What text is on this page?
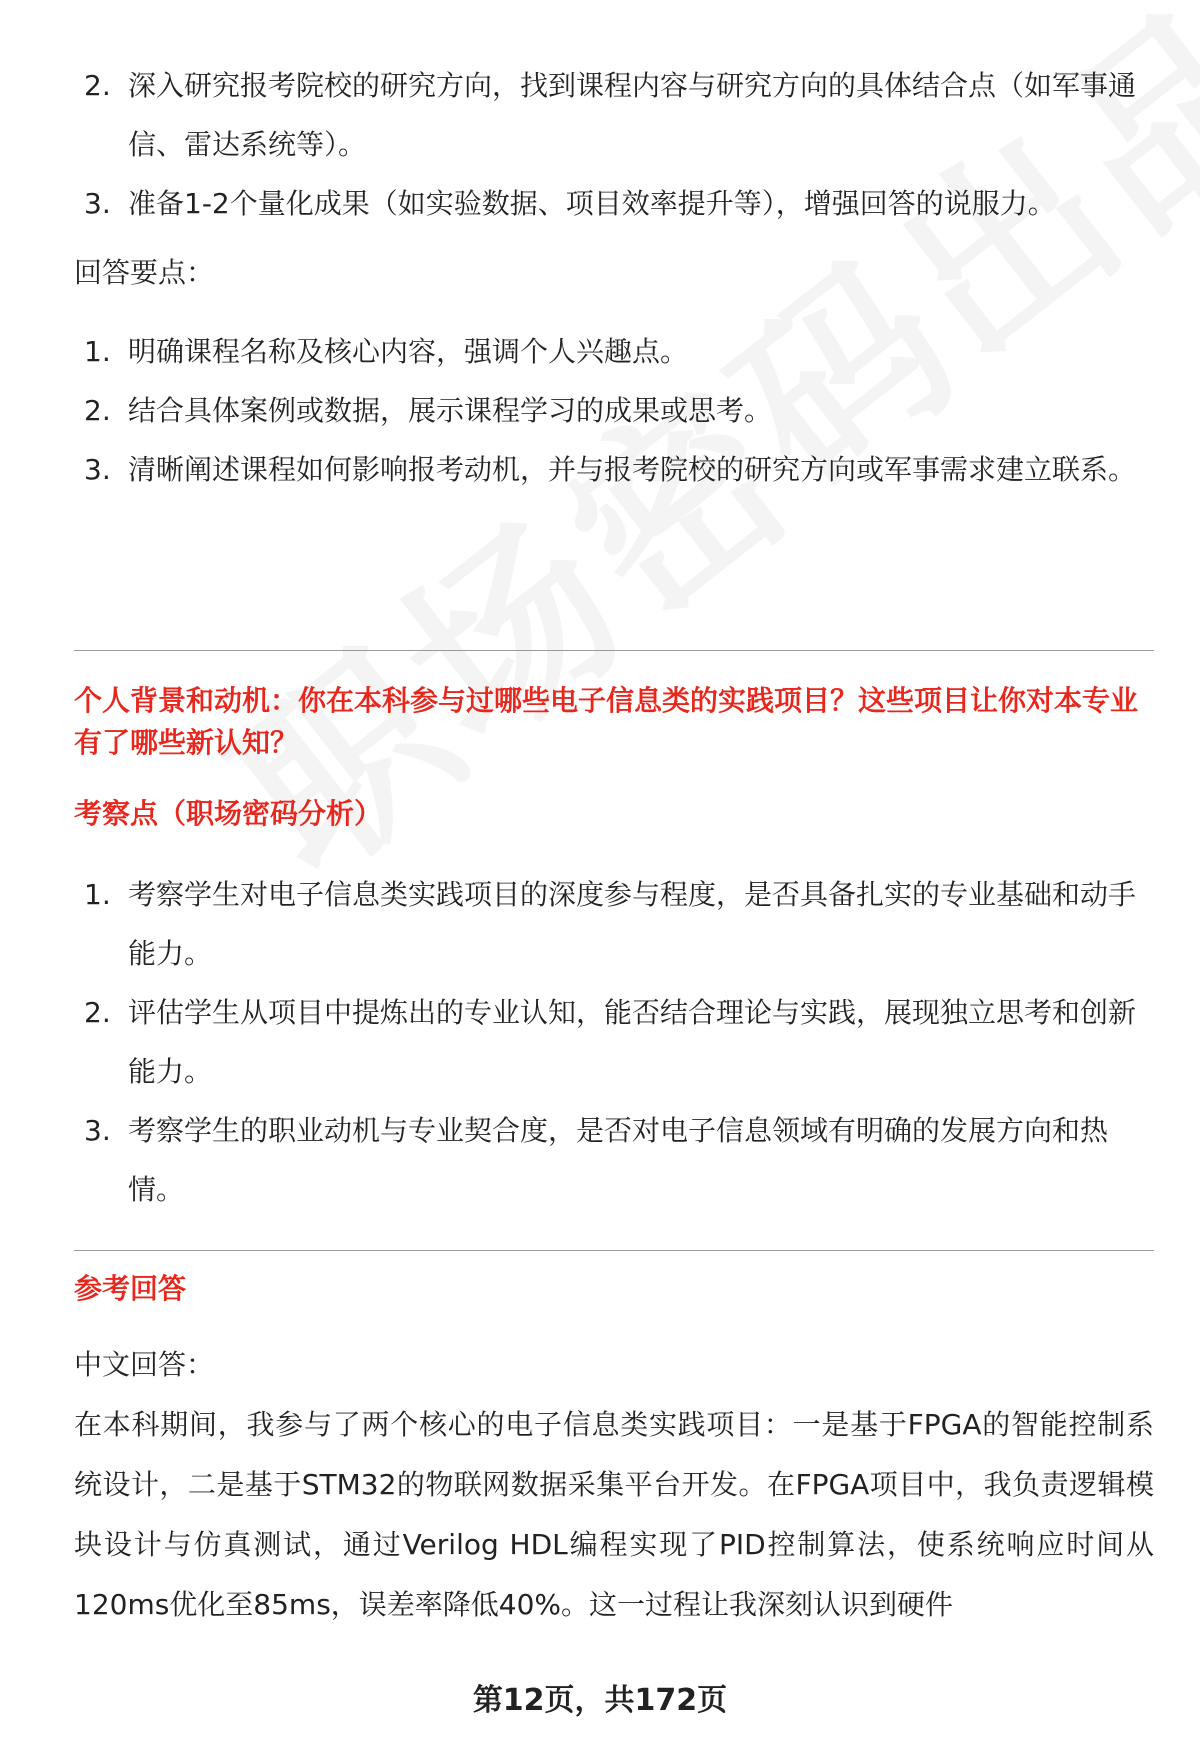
2. 深入研究报考院校的研究方向，找到课程内容与研究方向的具体结合点（如军事通信、雷达系统等）。
3. 准备1-2个量化成果（如实验数据、项目效率提升等），增强回答的说服力。
回答要点：
1. 明确课程名称及核心内容，强调个人兴趣点。
2. 结合具体案例或数据，展示课程学习的成果或思考。
3. 清晰阐述课程如何影响报考动机，并与报考院校的研究方向或军事需求建立联系。
个人背景和动机：你在本科参与过哪些电子信息类的实践项目？这些项目让你对本专业有了哪些新认知？
考察点（职场密码分析）
1. 考察学生对电子信息类实践项目的深度参与程度，是否具备扎实的专业基础和动手能力。
2. 评估学生从项目中提炼出的专业认知，能否结合理论与实践，展现独立思考和创新能力。
3. 考察学生的职业动机与专业契合度，是否对电子信息领域有明确的发展方向和热情。
参考回答
中文回答：
在本科期间，我参与了两个核心的电子信息类实践项目：一是基于FPGA的智能控制系统设计，二是基于STM32的物联网数据采集平台开发。在FPGA项目中，我负责逻辑模块设计与仿真测试，通过Verilog HDL编程实现了PID控制算法，使系统响应时间从120ms优化至85ms，误差率降低40%。这一过程让我深刻认识到硬件
第12页，共172页
